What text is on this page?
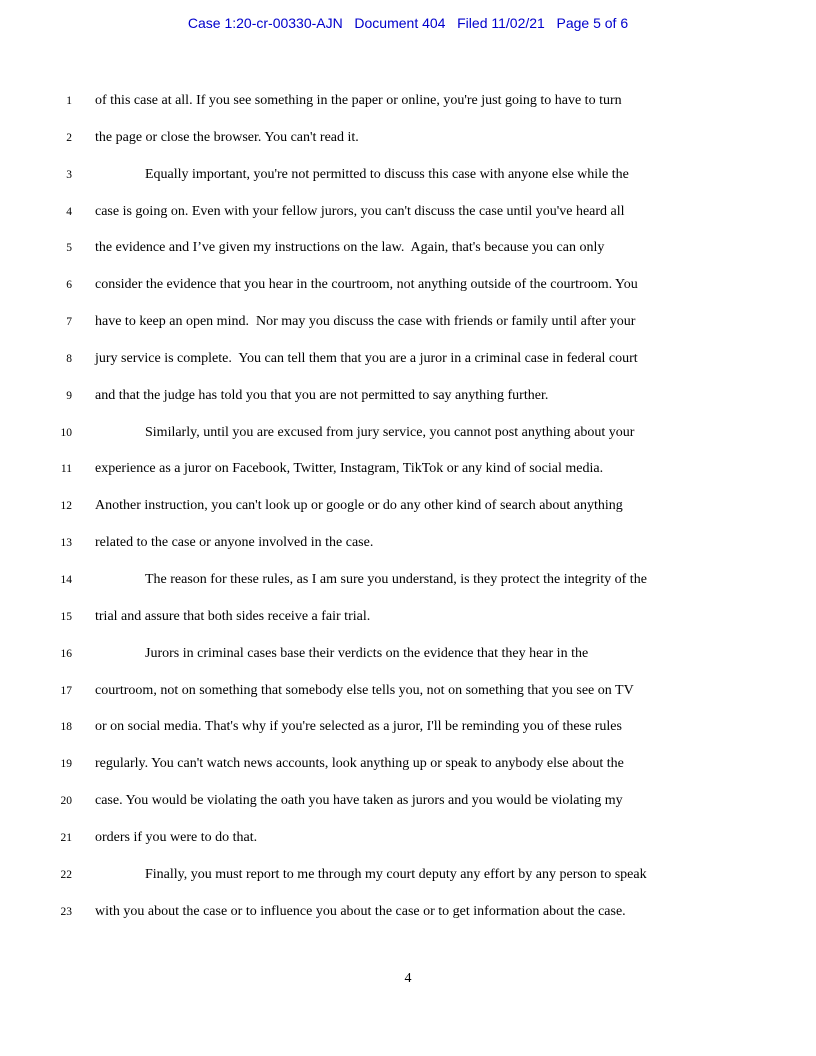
Case 1:20-cr-00330-AJN   Document 404   Filed 11/02/21   Page 5 of 6
1 of this case at all. If you see something in the paper or online, you're just going to have to turn
2 the page or close the browser. You can't read it.
3	Equally important, you're not permitted to discuss this case with anyone else while the
4 case is going on. Even with your fellow jurors, you can't discuss the case until you've heard all
5 the evidence and I’ve given my instructions on the law.  Again, that's because you can only
6 consider the evidence that you hear in the courtroom, not anything outside of the courtroom. You
7 have to keep an open mind.  Nor may you discuss the case with friends or family until after your
8 jury service is complete.  You can tell them that you are a juror in a criminal case in federal court
9 and that the judge has told you that you are not permitted to say anything further.
10	Similarly, until you are excused from jury service, you cannot post anything about your
11 experience as a juror on Facebook, Twitter, Instagram, TikTok or any kind of social media.
12 Another instruction, you can't look up or google or do any other kind of search about anything
13 related to the case or anyone involved in the case.
14	The reason for these rules, as I am sure you understand, is they protect the integrity of the
15 trial and assure that both sides receive a fair trial.
16	Jurors in criminal cases base their verdicts on the evidence that they hear in the
17 courtroom, not on something that somebody else tells you, not on something that you see on TV
18 or on social media. That's why if you're selected as a juror, I'll be reminding you of these rules
19 regularly. You can't watch news accounts, look anything up or speak to anybody else about the
20 case. You would be violating the oath you have taken as jurors and you would be violating my
21 orders if you were to do that.
22	Finally, you must report to me through my court deputy any effort by any person to speak
23 with you about the case or to influence you about the case or to get information about the case.
4
